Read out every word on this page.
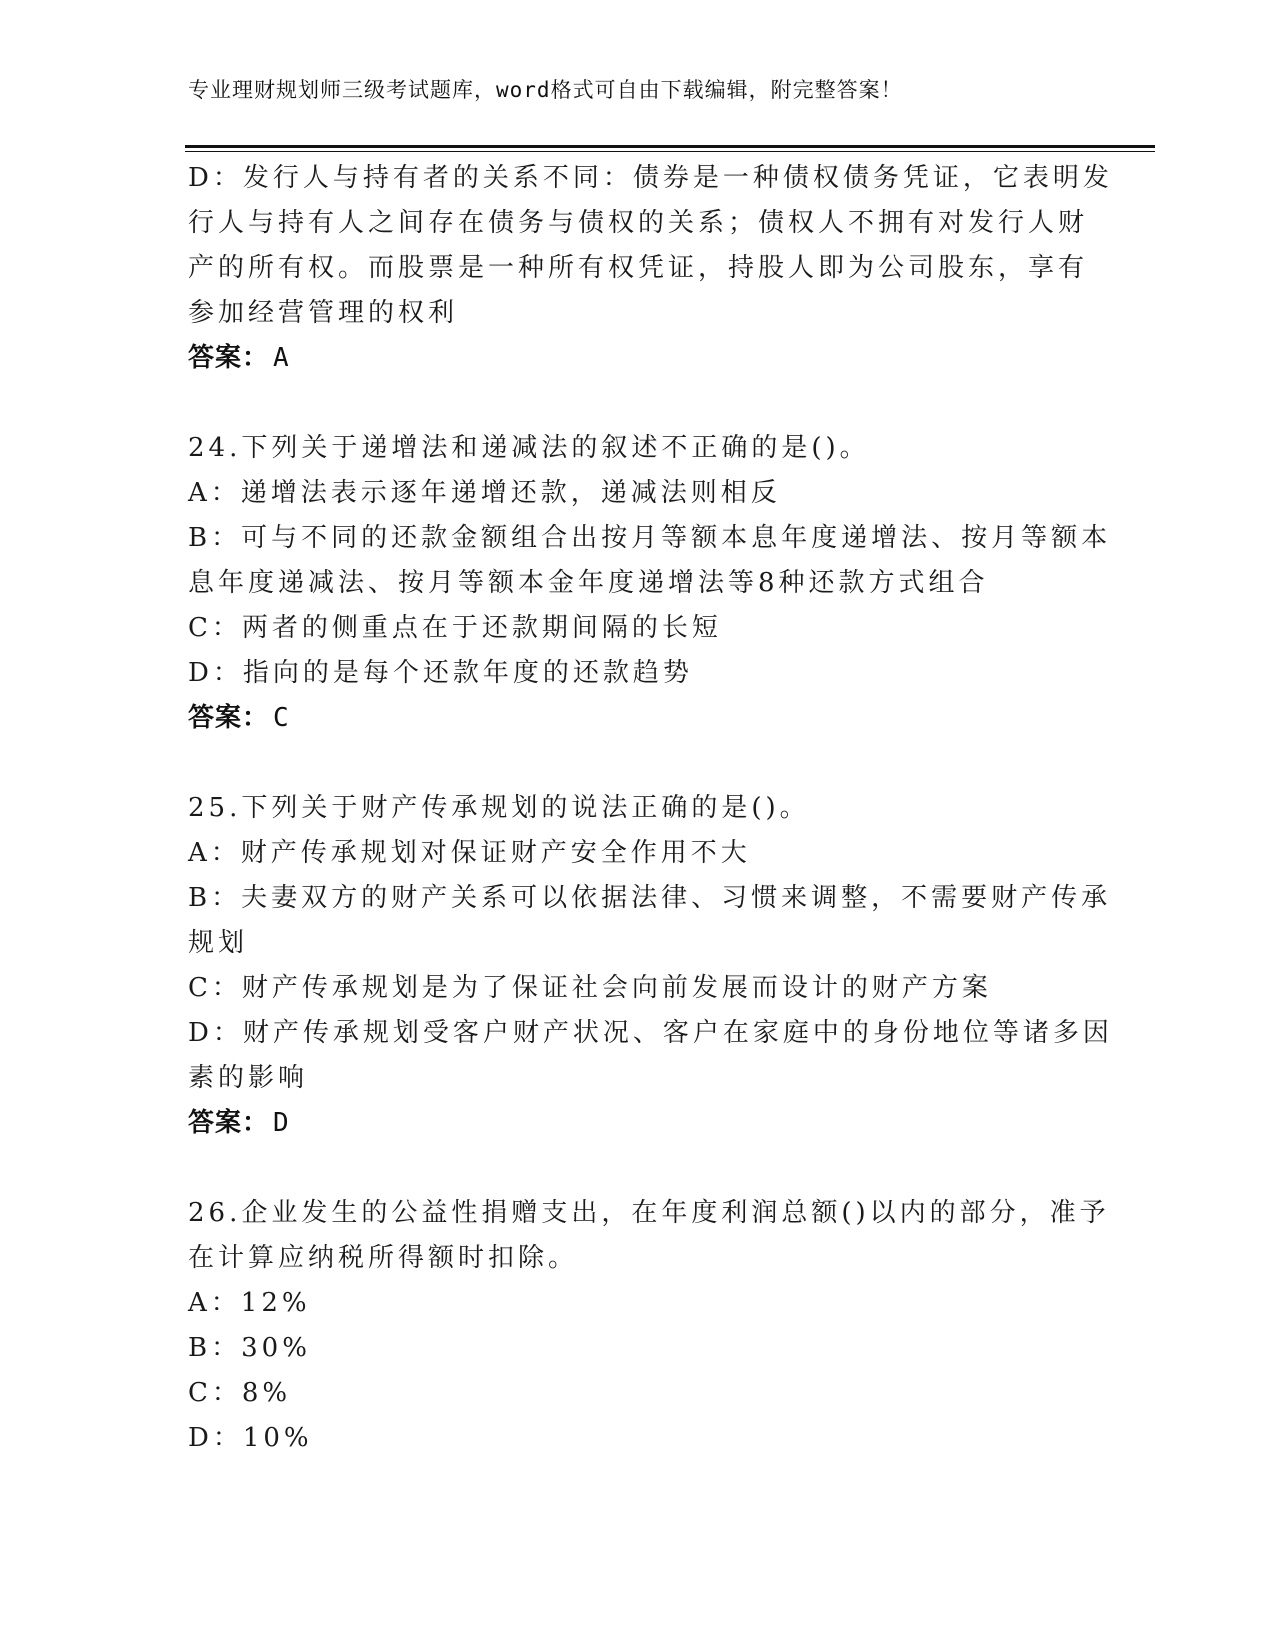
专业理财规划师三级考试题库，word格式可自由下载编辑，附完整答案！
D：发行人与持有者的关系不同：债券是一种债权债务凭证，它表明发
行人与持有人之间存在债务与债权的关系；债权人不拥有对发行人财
产的所有权。而股票是一种所有权凭证，持股人即为公司股东，享有
参加经营管理的权利
答案： A
24.下列关于递增法和递减法的叙述不正确的是()。
A：递增法表示逐年递增还款，递减法则相反
B：可与不同的还款金额组合出按月等额本息年度递增法、按月等额本
息年度递减法、按月等额本金年度递增法等8种还款方式组合
C：两者的侧重点在于还款期间隔的长短
D：指向的是每个还款年度的还款趋势
答案： C
25.下列关于财产传承规划的说法正确的是()。
A：财产传承规划对保证财产安全作用不大
B：夫妻双方的财产关系可以依据法律、习惯来调整，不需要财产传承
规划
C：财产传承规划是为了保证社会向前发展而设计的财产方案
D：财产传承规划受客户财产状况、客户在家庭中的身份地位等诸多因
素的影响
答案： D
26.企业发生的公益性捐赠支出，在年度利润总额()以内的部分，准予
在计算应纳税所得额时扣除。
A：12%
B：30%
C：8%
D：10%
